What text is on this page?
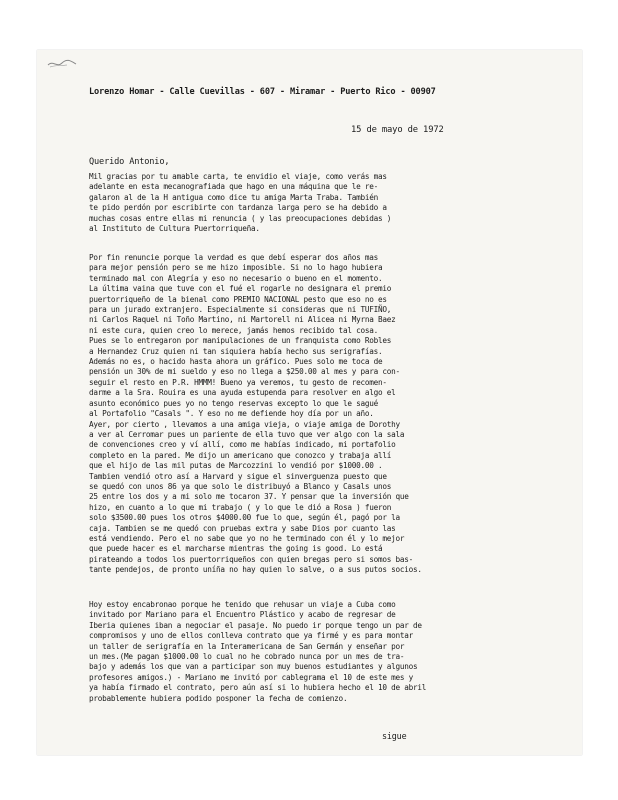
Lorenzo Homar - Calle Cuevillas - 607 - Miramar - Puerto Rico - 00907
15 de mayo de 1972
Querido Antonio,
Mil gracias por tu amable carta, te envidio el viaje, como verás mas
adelante en esta mecanografiada que hago en una máquina que le re-
galaron al de la H antigua como dice tu amiga Marta Traba. También
te pido perdón por escribirte con tardanza larga pero se ha debido a
muchas cosas entre ellas mi renuncia ( y las preocupaciones debidas )
al Instituto de Cultura Puertorriqueña.
Por fin renuncie porque la verdad es que debí esperar dos años mas
para mejor pensión pero se me hizo imposible. Si no lo hago hubiera
terminado mal con Alegría y eso no necesario o bueno en el momento.
La última vaina que tuve con el fué el rogarle no designara el premio
puertorriqueño de la bienal como PREMIO NACIONAL pesto que eso no es
para un jurado extranjero. Especialmente si consideras que ni TUFIÑO,
ni Carlos Raquel ni Toño Martino, ni Martorell ni Alicea ni Myrna Baez
ni este cura, quien creo lo merece, jamás hemos recibido tal cosa.
Pues se lo entregaron por manipulaciones de un franquista como Robles
a Hernandez Cruz quien ni tan siquiera había hecho sus serigrafías.
Además no es, o hacido hasta ahora un gráfico. Pues solo me toca de
pensión un 30% de mi sueldo y eso no llega a $250.00 al mes y para con-
seguir el resto en P.R. HMMM! Bueno ya veremos, tu gesto de recomen-
darme a la Sra. Rouira es una ayuda estupenda para resolver en algo el
asunto económico pues yo no tengo reservas excepto lo que le sagué
al Portafolio "Casals ". Y eso no me defiende hoy día por un año.
Ayer, por cierto , llevamos a una amiga vieja, o viaje amiga de Dorothy
a ver al Cerromar pues un pariente de ella tuvo que ver algo con la sala
de convenciones creo y ví allí, como me habías indicado, mi portafolio
completo en la pared. Me dijo un americano que conozco y trabaja allí
que el hijo de las mil putas de Marcozzini lo vendió por $1000.00 .
Tambien vendió otro así a Harvard y sigue el sinverguenza puesto que
se quedó con unos 86 ya que solo le distribuyó a Blanco y Casals unos
25 entre los dos y a mi solo me tocaron 37. Y pensar que la inversión que
hizo, en cuanto a lo que mi trabajo ( y lo que le dió a Rosa ) fueron
solo $3500.00 pues los otros $4000.00 fue lo que, según él, pagó por la
caja. Tambien se me quedó con pruebas extra y sabe Dios por cuanto las
está vendiendo. Pero el no sabe que yo no he terminado con él y lo mejor
que puede hacer es el marcharse mientras the going is good. Lo está
pirateando a todos los puertorriqueños con quien bregas pero si somos bas-
tante pendejos, de pronto uníña no hay quien lo salve, o a sus putos socios.
Hoy estoy encabronao porque he tenido que rehusar un viaje a Cuba como
invitado por Mariano para el Encuentro Plástico y acabo de regresar de
Iberia quienes iban a negociar el pasaje. No puedo ir porque tengo un par de
compromisos y uno de ellos conlleva contrato que ya firmé y es para montar
un taller de serigrafía en la Interamericana de San Germán y enseñar por
un mes.(Me pagan $1000.00 lo cual no he cobrado nunca por un mes de tra-
bajo y además los que van a participar son muy buenos estudiantes y algunos
profesores amigos.) - Mariano me invitó por cablegrama el 10 de este mes y
ya había firmado el contrato, pero aún así si lo hubiera hecho el 10 de abril
probablemente hubiera podido posponer la fecha de comienzo.
sigue
